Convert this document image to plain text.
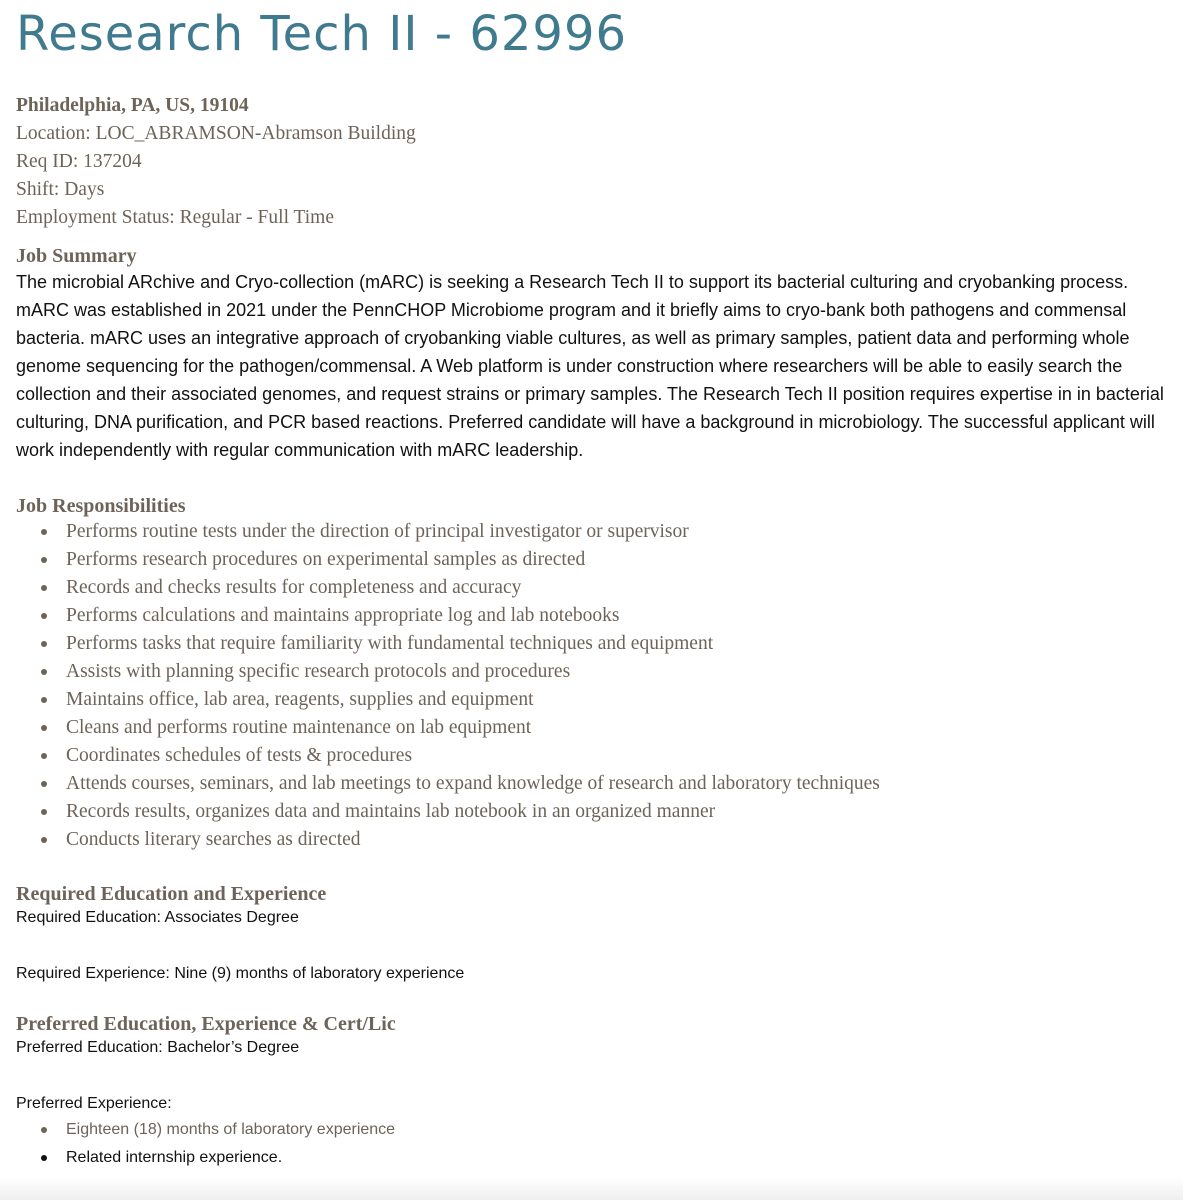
Research Tech II - 62996
Philadelphia, PA, US, 19104
Location: LOC_ABRAMSON-Abramson Building
Req ID: 137204
Shift: Days
Employment Status: Regular - Full Time
Job Summary

The microbial ARchive and Cryo-collection (mARC) is seeking a Research Tech II to support its bacterial culturing and cryobanking process. mARC was established in 2021 under the PennCHOP Microbiome program and it briefly aims to cryo-bank both pathogens and commensal bacteria. mARC uses an integrative approach of cryobanking viable cultures, as well as primary samples, patient data and performing whole genome sequencing for the pathogen/commensal. A Web platform is under construction where researchers will be able to easily search the collection and their associated genomes, and request strains or primary samples. The Research Tech II position requires expertise in in bacterial culturing, DNA purification, and PCR based reactions. Preferred candidate will have a background in microbiology. The successful applicant will work independently with regular communication with mARC leadership.

Job Responsibilities
Performs routine tests under the direction of principal investigator or supervisor
Performs research procedures on experimental samples as directed
Records and checks results for completeness and accuracy
Performs calculations and maintains appropriate log and lab notebooks
Performs tasks that require familiarity with fundamental techniques and equipment
Assists with planning specific research protocols and procedures
Maintains office, lab area, reagents, supplies and equipment
Cleans and performs routine maintenance on lab equipment
Coordinates schedules of tests & procedures
Attends courses, seminars, and lab meetings to expand knowledge of research and laboratory techniques
Records results, organizes data and maintains lab notebook in an organized manner
Conducts literary searches as directed
Required Education and Experience

Required Education: Associates Degree

Required Experience: Nine (9) months of laboratory experience

Preferred Education, Experience & Cert/Lic

Preferred Education: Bachelor’s Degree

Preferred Experience:

Eighteen (18) months of laboratory experience
Related internship experience.
